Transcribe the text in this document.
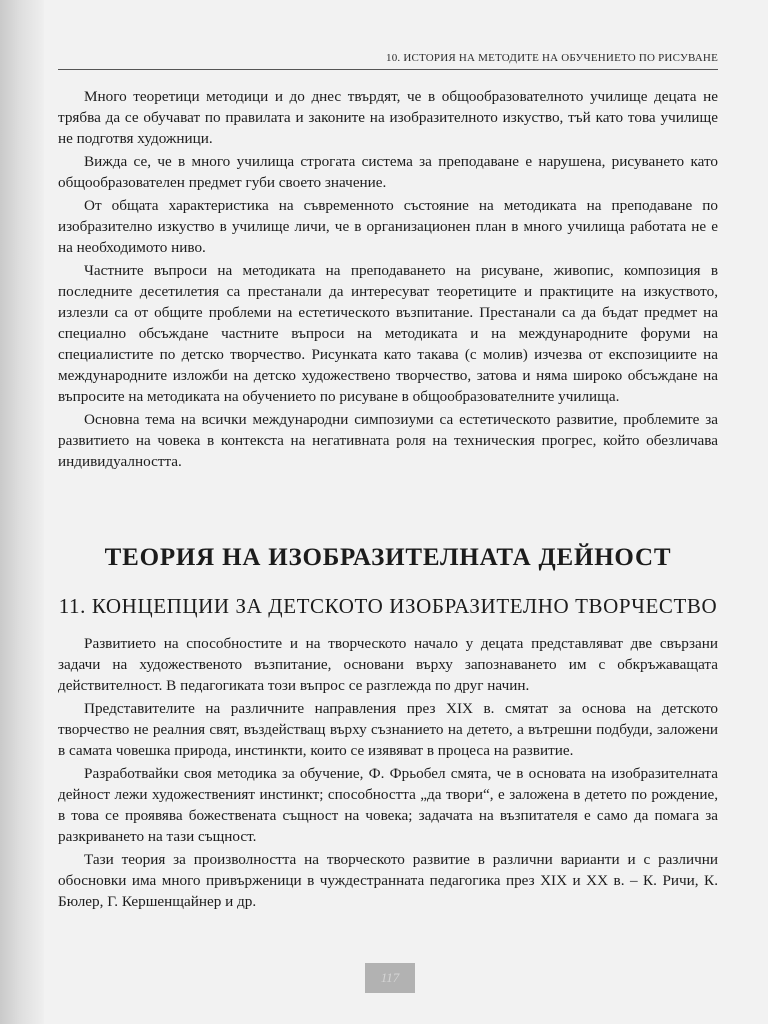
10. ИСТОРИЯ НА МЕТОДИТЕ НА ОБУЧЕНИЕТО ПО РИСУВАНЕ

Много теоретици методици и до днес твърдят, че в общообразователното училище децата не трябва да се обучават по правилата и законите на изобразителното изкуство, тъй като това училище не подготвя художници.

Вижда се, че в много училища строгата система за преподаване е нарушена, рисуването като общообразователен предмет губи своето значение.

От общата характеристика на съвременното състояние на методиката на преподаване по изобразително изкуство в училище личи, че в организационен план в много училища работата не е на необходимото ниво.

Частните въпроси на методиката на преподаването на рисуване, живопис, композиция в последните десетилетия са престанали да интересуват теоретиците и практиците на изкуството, излезли са от общите проблеми на естетическото възпитание. Престанали са да бъдат предмет на специално обсъждане частните въпроси на методиката и на международните форуми на специалистите по детско творчество. Рисунката като такава (с молив) изчезва от експозициите на международните изложби на детско художествено творчество, затова и няма широко обсъждане на въпросите на методиката на обучението по рисуване в общообразователните училища.

Основна тема на всички международни симпозиуми са естетическото развитие, проблемите за развитието на човека в контекста на негативната роля на техническия прогрес, който обезличава индивидуалността.

ТЕОРИЯ НА ИЗОБРАЗИТЕЛНАТА ДЕЙНОСТ
11. КОНЦЕПЦИИ ЗА ДЕТСКОТО ИЗОБРАЗИТЕЛНО ТВОРЧЕСТВО

Развитието на способностите и на творческото начало у децата представляват две свързани задачи на художественото възпитание, основани върху запознаването им с обкръжаващата действителност. В педагогиката този въпрос се разглежда по друг начин.

Представителите на различните направления през XIX в. смятат за основа на детското творчество не реалния свят, въздействащ върху съзнанието на детето, а вътрешни подбуди, заложени в самата човешка природа, инстинкти, които се изявяват в процеса на развитие.

Разработвайки своя методика за обучение, Ф. Фрьобел смята, че в основата на изобразителната дейност лежи художественият инстинкт; способността „да твори“, е заложена в детето по рождение, в това се проявява божествената същност на човека; задачата на възпитателя е само да помага за разкриването на тази същност.

Тази теория за произволността на творческото развитие в различни варианти и с различни обосновки има много привърженици в чуждестранната педагогика през XIX и XX в. – К. Ричи, К. Бюлер, Г. Кершенщайнер и др.

117
